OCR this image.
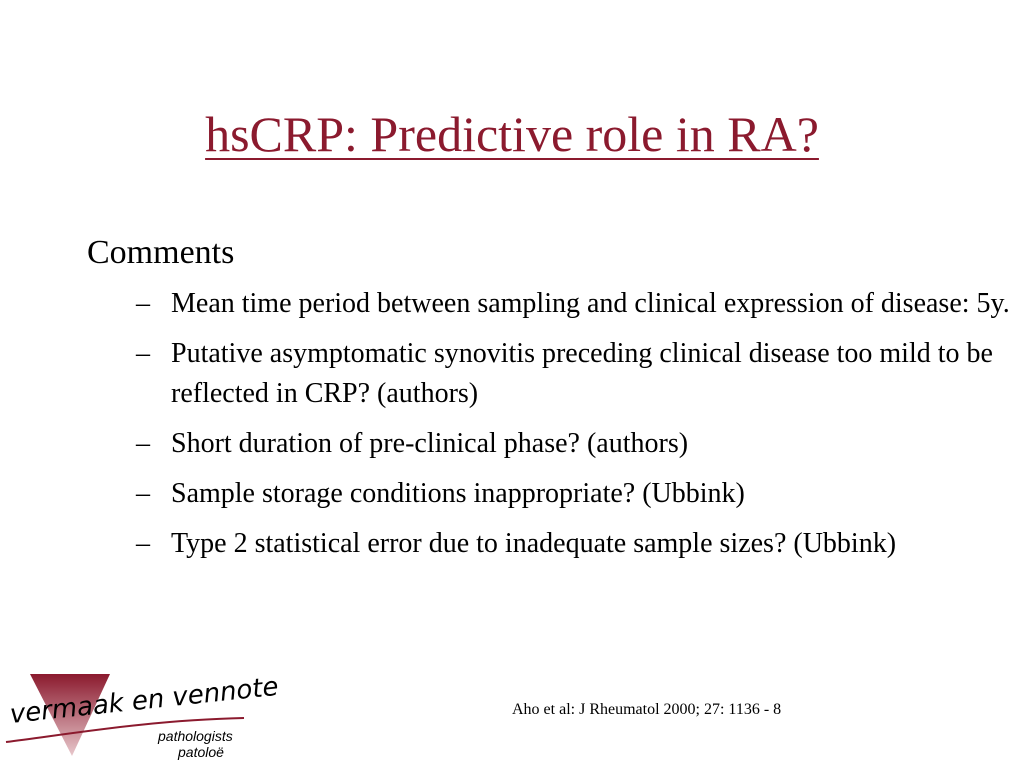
hsCRP: Predictive role in RA?

Comments

– Mean time period between sampling and clinical expression of disease: 5y.
– Putative asymptomatic synovitis preceding clinical disease too mild to be reflected in CRP? (authors)
– Short duration of pre-clinical phase? (authors)
– Sample storage conditions inappropriate? (Ubbink)
– Type 2 statistical error due to inadequate sample sizes? (Ubbink)
Aho et al: J Rheumatol 2000; 27: 1136 - 8
vermaak en vennote
pathologists
patoloë
